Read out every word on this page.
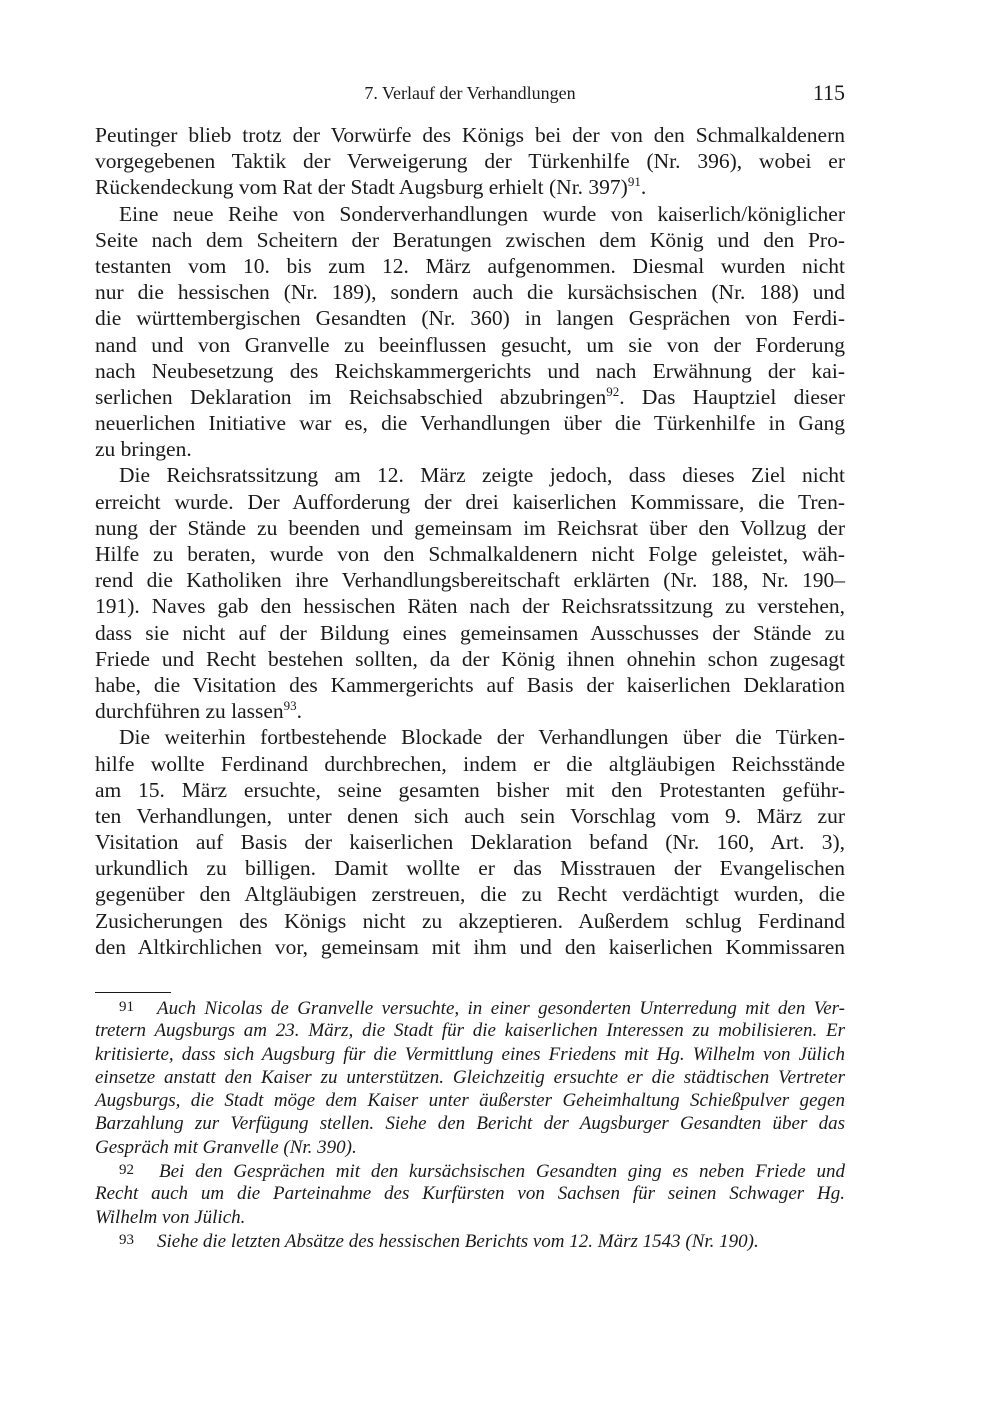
7. Verlauf der Verhandlungen	115
Peutinger blieb trotz der Vorwürfe des Königs bei der von den Schmalkaldenern
vorgegebenen Taktik der Verweigerung der Türkenhilfe (Nr. 396), wobei er
Rückendeckung vom Rat der Stadt Augsburg erhielt (Nr. 397)$^{91}$.
Eine neue Reihe von Sonderverhandlungen wurde von kaiserlich/königlicher
Seite nach dem Scheitern der Beratungen zwischen dem König und den Pro-
testanten vom 10. bis zum 12. März aufgenommen. Diesmal wurden nicht
nur die hessischen (Nr. 189), sondern auch die kursächsischen (Nr. 188) und
die württembergischen Gesandten (Nr. 360) in langen Gesprächen von Ferdi-
nand und von Granvelle zu beeinflussen gesucht, um sie von der Forderung
nach Neubesetzung des Reichskammergerichts und nach Erwähnung der kai-
serlichen Deklaration im Reichsabschied abzubringen$^{92}$. Das Hauptziel dieser
neuerlichen Initiative war es, die Verhandlungen über die Türkenhilfe in Gang
zu bringen.
Die Reichsratssitzung am 12. März zeigte jedoch, dass dieses Ziel nicht
erreicht wurde. Der Aufforderung der drei kaiserlichen Kommissare, die Tren-
nung der Stände zu beenden und gemeinsam im Reichsrat über den Vollzug der
Hilfe zu beraten, wurde von den Schmalkaldenern nicht Folge geleistet, wäh-
rend die Katholiken ihre Verhandlungsbereitschaft erklärten (Nr. 188, Nr. 190–
191). Naves gab den hessischen Räten nach der Reichsratssitzung zu verstehen,
dass sie nicht auf der Bildung eines gemeinsamen Ausschusses der Stände zu
Friede und Recht bestehen sollten, da der König ihnen ohnehin schon zugesagt
habe, die Visitation des Kammergerichts auf Basis der kaiserlichen Deklaration
durchführen zu lassen$^{93}$.
Die weiterhin fortbestehende Blockade der Verhandlungen über die Türken-
hilfe wollte Ferdinand durchbrechen, indem er die altgläubigen Reichsstände
am 15. März ersuchte, seine gesamten bisher mit den Protestanten geführ-
ten Verhandlungen, unter denen sich auch sein Vorschlag vom 9. März zur
Visitation auf Basis der kaiserlichen Deklaration befand (Nr. 160, Art. 3),
urkundlich zu billigen. Damit wollte er das Misstrauen der Evangelischen
gegenüber den Altgläubigen zerstreuen, die zu Recht verdächtigt wurden, die
Zusicherungen des Königs nicht zu akzeptieren. Außerdem schlug Ferdinand
den Altkirchlichen vor, gemeinsam mit ihm und den kaiserlichen Kommissaren
91 Auch Nicolas de Granvelle versuchte, in einer gesonderten Unterredung mit den Ver-
tretern Augsburgs am 23. März, die Stadt für die kaiserlichen Interessen zu mobilisieren. Er
kritisierte, dass sich Augsburg für die Vermittlung eines Friedens mit Hg. Wilhelm von Jülich
einsetze anstatt den Kaiser zu unterstützen. Gleichzeitig ersuchte er die städtischen Vertreter
Augsburgs, die Stadt möge dem Kaiser unter äußerster Geheimhaltung Schießpulver gegen
Barzahlung zur Verfügung stellen. Siehe den Bericht der Augsburger Gesandten über das
Gespräch mit Granvelle (Nr. 390).
92 Bei den Gesprächen mit den kursächsischen Gesandten ging es neben Friede und
Recht auch um die Parteinahme des Kurfürsten von Sachsen für seinen Schwager Hg.
Wilhelm von Jülich.
93 Siehe die letzten Absätze des hessischen Berichts vom 12. März 1543 (Nr. 190).
